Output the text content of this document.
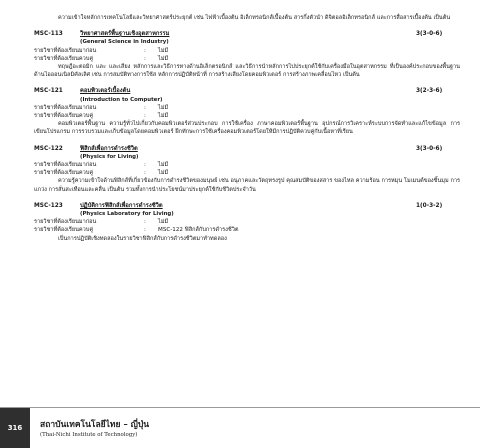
ความเข้าใจหลักการเทคโนโลยีและวิทยาศาสตร์ประยุกต์ เช่น ไฟฟ้าเบื้องต้น อิเล็กทรอนิกส์เบื้องต้น สารกึ่งตัวนำ ดิจิตอลอิเล็กทรอนิกส์ และการสื่อสารเบื้องต้น เป็นต้น

MSC-113	วิทยาศาสตร์พื้นฐานเชิงอุตสาหกรรม	3(3-0-6)
(General Science in Industry)
รายวิชาที่ต้องเรียนมาก่อน	:	ไม่มี
รายวิชาที่ต้องเรียนควบคู่	:	ไม่มี

ทฤษฎีอะตอมิก และ และเสียง หลักการและวิธีการทางด้านอิเล็กตรอนิกส์ และวิธีการนำหลักการไปประยุกต์ใช้กับเครื่องมือในอุตสาหกรรม ที่เป็นองค์ประกอบของพื้นฐานด้านไอออนเนิลมิคัลเลิศ เช่น การสมบัติทางการใช้ส หลักการปฏิบัติหน้าที่ การสร้างเสียงโดยคอมพิวเตอร์ การสร้างภาพเคลื่อนไหว เป็นต้น

MSC-121	คอมพิวเตอร์เบื้องต้น	3(2-3-6)
(Introduction to Computer)
รายวิชาที่ต้องเรียนมาก่อน	:	ไม่มี
รายวิชาที่ต้องเรียนควบคู่	:	ไม่มี

คอมพิวเตอร์พื้นฐาน ความรู้ทั่วไปเกี่ยวกับคอมพิวเตอร์ส่วนประกอบ การใช้เครื่อง ภาษาคอมพิวเตอร์พื้นฐาน อุปกรณ์การวิเคราะห์ระบบการจัดทำและแก้ไขข้อมูล การเขียนโปรแกรม การรวบรวมและเก็บข้อมูลโดยคอมพิวเตอร์ ฝึกทักษะการใช้เครื่องคอมพิวเตอร์โดยให้มีการปฏิบัติควบคู่กับเนื้อหาที่เรียน

MSC-122	ฟิสิกส์เพื่อการดำรงชีวิต	3(3-0-6)
(Physics for Living)
รายวิชาที่ต้องเรียนมาก่อน	:	ไม่มี
รายวิชาที่ต้องเรียนควบคู่	:	ไม่มี

ความรู้ความเข้าใจด้านฟิสิกส์ที่เกี่ยวข้องกับการดำรงชีวิตของมนุษย์ เช่น อนุภาคและวัตถุทรงรูป คุณสมบัติของสสาร ของไหล ความร้อน การหมุน โมเมนต์ของชิ้นมุม การแกว่ง การสั่นสะเทือนและคลื่น เป็นต้น รวมทั้งการนำประโยชน์มาประยุกต์ใช้กับชีวิตประจำวัน

MSC-123	ปฏิบัติการฟิสิกส์เพื่อการดำรงชีวิต	1(0-3-2)
(Physics Laboratory for Living)
รายวิชาที่ต้องเรียนมาก่อน	:	ไม่มี
รายวิชาที่ต้องเรียนควบคู่	:	MSC-122 ฟิสิกส์กับการดำรงชีวิต

เป็นการปฏิบัติเชิงทดลองในรายวิชาฟิสิกส์กับการดำรงชีวิตมาทำทดลอง

316	สถาบันเทคโนโลยีไทย – ญี่ปุ่น
(Thai-Nichi Institute of Technology)
